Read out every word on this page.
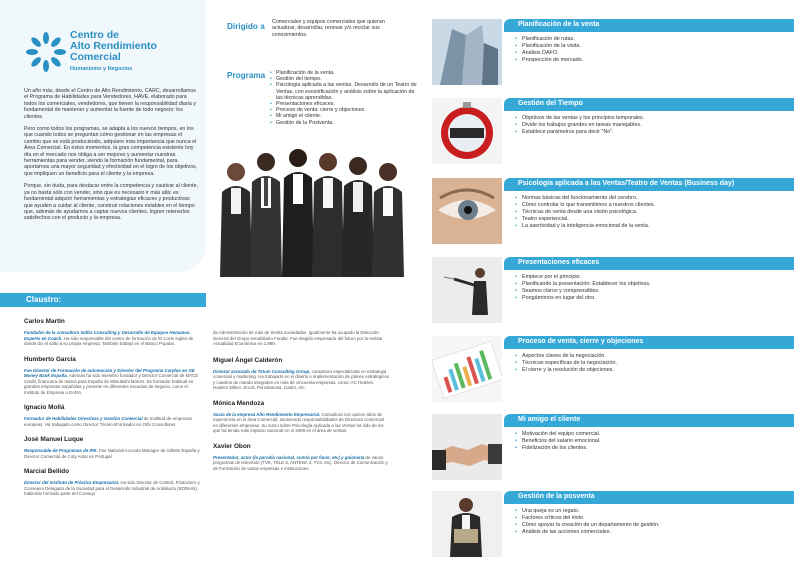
Centro de
Alto Rendimiento
Comercial
Humanismo y Negocios

Un año más, desde el Centro de Alto Rendimiento, CARC, desarrollamos el Programa de Habilidades para Vendedores, HAVE, elaborado para todos los comerciales, vendedores, que tienen la responsabilidad diaria y fundamental de mantener y aumentar la fuente de todo negocio: los clientes.

Pero como todos los programas, se adapta a los nuevos tiempos, en los que cuando todos se preguntan cómo gestionar en las empresas el cambio que se está produciendo, adquiere más importancia que nunca el Área Comercial. En estos momentos, la gran competencia existente hoy día en el mercado nos obliga a ser mejores y aumentar nuestras herramientas para vender, siendo la formación fundamental, para aportarnos una mayor seguridad y efectividad en el logro de los objetivos, que impliquen un beneficio para el cliente y la empresa.

Porque, sin duda, para destacar entre la competencia y cautivar al cliente, ya no basta sólo con vender, sino que es necesario ir más allá; es fundamental adquirir herramientas y estrategias eficaces y productivas que ayuden a cuidar al cliente, construir relaciones estables en el tiempo que, además de ayudarnos a captar nuevos clientes, logren retenerlos satisfechos con el producto y la empresa.

Claustro:
Carlos Martín
Fundador de la consultora Selfar Consulting y Desarrollo de Equipos Humanos. Experto en Coach. Ha sido responsable del centro de formación de El Corte Inglés de donde dio el salto a su propia empresa. También trabajó en el Banco Popular.
Humberto García
Fue Director de Formación de automoción y Director del Programa Carplus en GE Money Bank España. Además ha sido miembro fundador y Director Comercial de MACE Credit, financiera de marca para España de Mitsubishi Motors. Es formador habitual en grandes empresas españolas y ponente en diferentes escuelas de negocio, como el Instituto de Empresa o EADA.
Ignacio Mollá
Formador de Habilidades Directivas y Gestión Comercial de multitud de empresas europeas. Ha trabajado como Director Técnico/Formador en Orbi Consultores.
José Manuel Luque
Responsable de Programas de IPE. Fue National Account Manager de Gillette España y Director Comercial de Coty Astor en Portugal.
Marcial Bellido
Director del Instituto de Práctica Empresarial. Ha sido Director de Control, Financiero y Consejero Delegado de la Sociedad para el Desarrollo Industrial de Andalucía (SODIAN), habiendo formado parte del Consejo
de Administración de más de treinta sociedades. Igualmente ha ocupado la Dirección General del Grupo Inmobiliario Fundar. Fue elegido empresario del futuro por la revista Actualidad Económica en 1.989.
Miguel Ángel Calderón
Director asociado de Tatum Consulting Group, consultora especializada en estrategia comercial y marketing. Ha trabajado en el diseño e implementación de planes estratégicos y cuadros de mando integrales en más de cincuenta empresas, como: AC Hoteles, Hoteles Silken, Ercoli, Porcelanosa, Lladró, etc.
Mónica Mendoza
Socia de la empresa Alto Rendimiento Empresarial. Consultora con quince años de experiencia en el área Comercial, asumiendo responsabilidades de Directora Comercial en diferentes empresas. Su curso sobre Psicología Aplicada a las Ventas ha sido de los que ha tenido más impacto nacional en el 2008 en el área de ventas.
Xavier Obon
Presentador, actor (la parodia nacional, sonría por favor, etc) y guionista de varios programas de televisión (TVE, TELE 5, ANTENA 3, TV3, etc). Director de Comunicación y de Formación de varias empresas e instituciones.
Dirigido a Comerciales y equipos comerciales que quieran actualizar, desarrollar, renovar y/o reciclar sus conocimientos.
Programa
•	Planificación de la venta.
• Gestión del tiempo.
• Psicología aplicada a las ventas. Desarrollo de un Teatro de Ventas, con escenificación y análisis sobre la aplicación de las técnicas aprendidas.
• Presentaciones eficaces.
• Proceso de venta: cierre y objeciones.
• Mi amigo el cliente.
• Gestión de la Postventa.
Planificación de la venta
• Planificación de rutas.
• Planificación de la visita.
• Análisis DAFO.
• Prospección de mercado.
Gestión del Tiempo
• Objetivos de las ventas y los principios temporales.
• Divide los trabajos grandes en tareas manejables.
• Establece parámetros para decir "No".
Psicología aplicada a las Ventas/Teatro de Ventas (Business day)
• Normas básicas del funcionamiento del cerebro.
• Cómo controlar lo que transmitimos a nuestros clientes.
• Técnicas de venta desde una visión psicológica.
• Teatro experiencial.
• La asertividad y la inteligencia emocional de la venta.
Presentaciones eficaces
• Empiece por el principio.
• Planificando la presentación: Establecer los objetivos.
• Seamos claros y comprensibles.
• Pongámonos en lugar del otro.
Proceso de venta, cierre y objeciones
• Aspectos claves de la negociación.
• Técnicas específicas de la negociación.
• El cierre y la resolución de objeciones.
Mi amigo el cliente
• Motivación del equipo comercial.
• Beneficios del salario emocional.
• Fidelización de los clientes.
Gestión de la posventa
• Una queja es un regalo.
• Factores críticos del éxito.
• Cómo apoyar la creación de un departamento de gestión.
• Análisis de las acciones comerciales.
